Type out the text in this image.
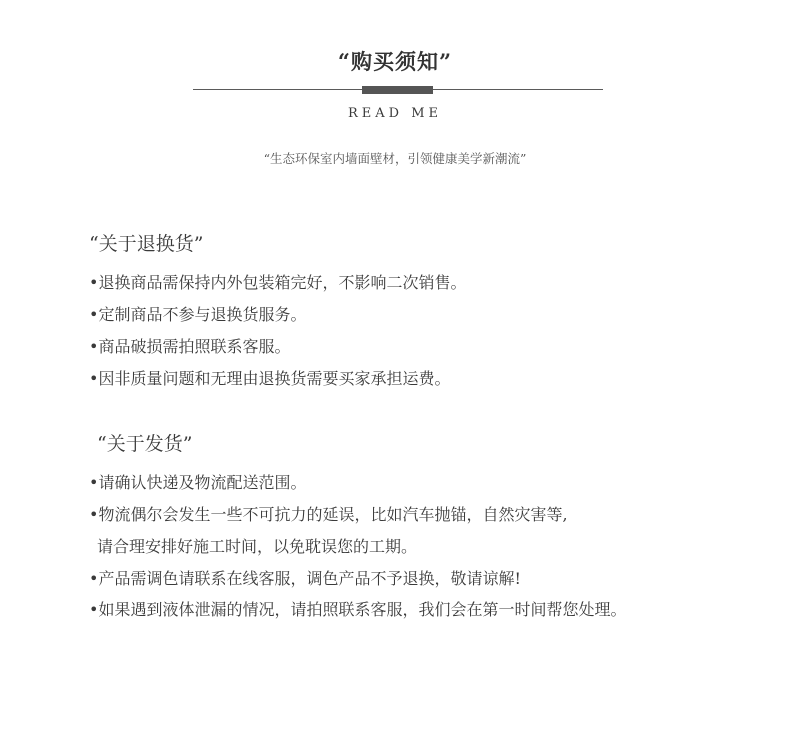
“购买须知”
READ ME
“生态环保室内墙面壁材，引领健康美学新潮流”
“关于退换货”
•退换商品需保持内外包装箱完好，不影响二次销售。
•定制商品不参与退换货服务。
•商品破损需拍照联系客服。
•因非质量问题和无理由退换货需要买家承担运费。
“关于发货”
•请确认快递及物流配送范围。
•物流偶尔会发生一些不可抗力的延误，比如汽车抛锚，自然灾害等,
请合理安排好施工时间，以免耽误您的工期。
•产品需调色请联系在线客服，调色产品不予退换，敬请谅解!
•如果遇到液体泄漏的情况，请拍照联系客服，我们会在第一时间帮您处理。
